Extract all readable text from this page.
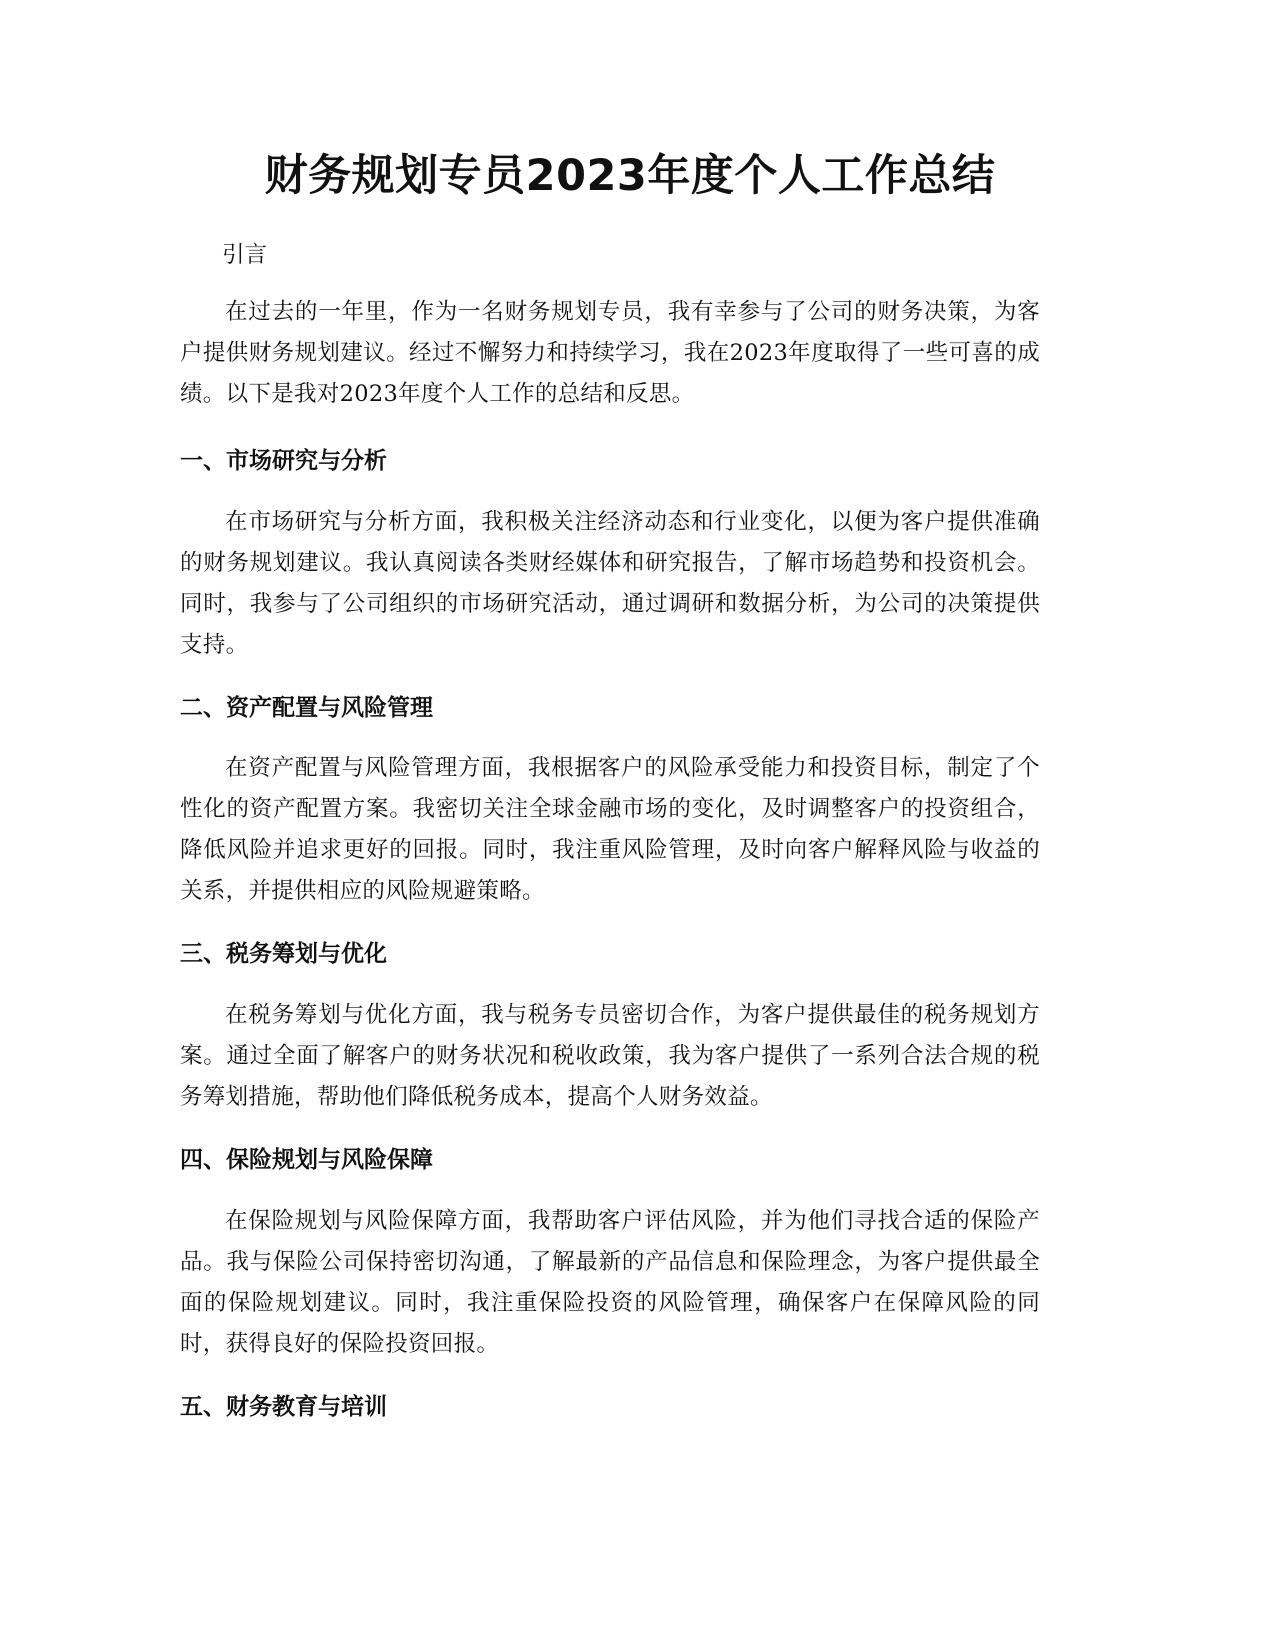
财务规划专员2023年度个人工作总结

引言

在过去的一年里，作为一名财务规划专员，我有幸参与了公司的财务决策，为客户提供财务规划建议。经过不懈努力和持续学习，我在2023年度取得了一些可喜的成绩。以下是我对2023年度个人工作的总结和反思。

一、市场研究与分析

在市场研究与分析方面，我积极关注经济动态和行业变化，以便为客户提供准确的财务规划建议。我认真阅读各类财经媒体和研究报告，了解市场趋势和投资机会。同时，我参与了公司组织的市场研究活动，通过调研和数据分析，为公司的决策提供支持。

二、资产配置与风险管理

在资产配置与风险管理方面，我根据客户的风险承受能力和投资目标，制定了个性化的资产配置方案。我密切关注全球金融市场的变化，及时调整客户的投资组合，降低风险并追求更好的回报。同时，我注重风险管理，及时向客户解释风险与收益的关系，并提供相应的风险规避策略。

三、税务筹划与优化

在税务筹划与优化方面，我与税务专员密切合作，为客户提供最佳的税务规划方案。通过全面了解客户的财务状况和税收政策，我为客户提供了一系列合法合规的税务筹划措施，帮助他们降低税务成本，提高个人财务效益。

四、保险规划与风险保障

在保险规划与风险保障方面，我帮助客户评估风险，并为他们寻找合适的保险产品。我与保险公司保持密切沟通，了解最新的产品信息和保险理念，为客户提供最全面的保险规划建议。同时，我注重保险投资的风险管理，确保客户在保障风险的同时，获得良好的保险投资回报。

五、财务教育与培训
